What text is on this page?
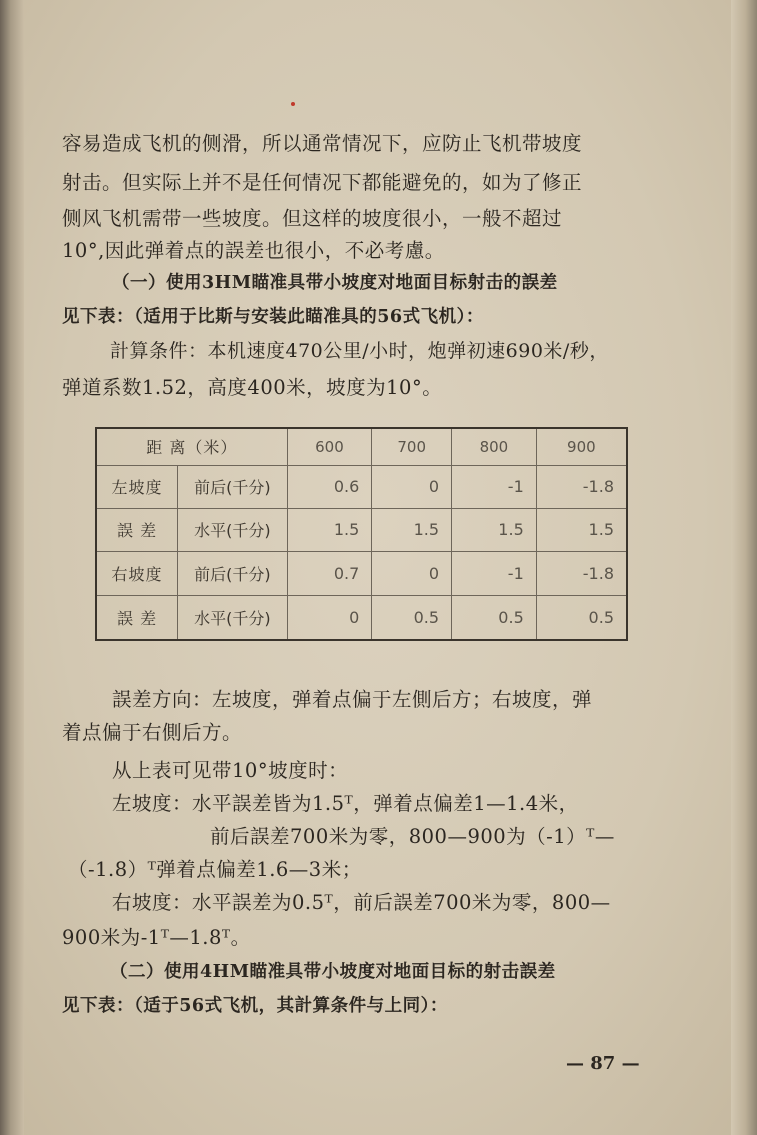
容易造成飞机的侧滑，所以通常情况下，应防止飞机带坡度
射击。但实际上并不是任何情况下都能避免的，如为了修正
侧风飞机需带一些坡度。但这样的坡度很小，一般不超过
10°,因此弹着点的誤差也很小，不必考慮。
（一）使用3HM瞄准具带小坡度对地面目标射击的誤差
见下表：（适用于比斯与安装此瞄准具的56式飞机）：
計算条件：本机速度470公里/小时，炮弹初速690米/秒，
弹道系数1.52，高度400米，坡度为10°。
距 离（米）		600	700	800	900
左坡度	前后(千分)	0.6	0	-1	-1.8
誤 差	水平(千分)	1.5	1.5	1.5	1.5
右坡度	前后(千分)	0.7	0	-1	-1.8
誤 差	水平(千分)	0	0.5	0.5	0.5
誤差方向：左坡度，弹着点偏于左側后方；右坡度，弹
着点偏于右側后方。
从上表可见带10°坡度时：
左坡度：水平誤差皆为1.5ᵀ，弹着点偏差1—1.4米，
前后誤差700米为零，800—900为（-1）ᵀ—
（-1.8）ᵀ弹着点偏差1.6—3米；
右坡度：水平誤差为0.5ᵀ，前后誤差700米为零，800—
900米为-1ᵀ—1.8ᵀ。
（二）使用4HM瞄准具带小坡度对地面目标的射击誤差
见下表：（适于56式飞机，其計算条件与上同）：
— 87 —
